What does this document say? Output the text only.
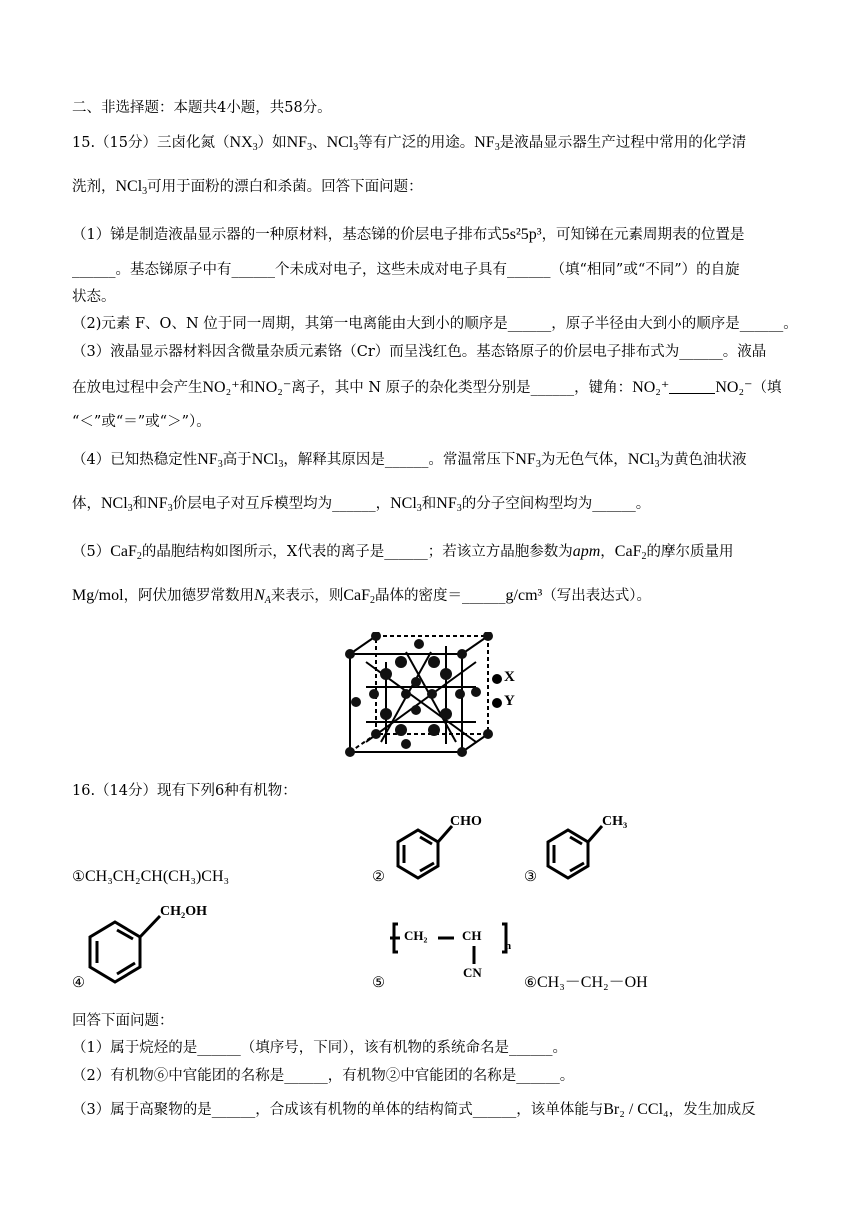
二、非选择题：本题共4小题，共58分。
15.（15分）三卤化氮$(NX_3)$如$NF_3$、NCl$_3$等有广泛的用途。$NF_3$是液晶显示器生产过程中常用的化学清
洗剂，NCl$_3$可用于面粉的漂白和杀菌。回答下面问题：
（1）锑是制造液晶显示器的一种原材料，基态锑的价层电子排布式5s²5p³，可知锑在元素周期表的位置是
______。基态锑原子中有______个未成对电子，这些未成对电子具有______（填“相同”或“不同”）的自旋
状态。
（2)元素 F、O、N 位于同一周期，其第一电离能由大到小的顺序是______，原子半径由大到小的顺序是______。
（3）液晶显示器材料因含微量杂质元素铬（Cr）而呈浅红色。基态铬原子的价层电子排布式为______。液晶
在放电过程中会产生NO₂⁺和NO₂⁻离子，其中 N 原子的杂化类型分别是______，键角：NO₂⁺	NO₂⁻（填
“＜”或“＝”或“＞”）。
（4）已知热稳定性$NF_3$高于NCl$_3$，解释其原因是______。常温常压下$NF_3$为无色气体，NCl$_3$为黄色油状液
体，NCl$_3$和$NF_3$价层电子对互斥模型均为______，NCl$_3$和$NF_3$的分子空间构型均为______。
（5）CaF$_2$的晶胞结构如图所示，X代表的离子是______；若该立方晶胞参数为apm，CaF$_2$的摩尔质量用
Mg/mol，阿伏加德罗常数用$N_A$来表示，则CaF$_2$晶体的密度＝______g/cm³（写出表达式）。
X
Y
16.（14分）现有下列6种有机物：
①CH₃CH₂CH(CH₃)CH₃	②
CHO
③
CH₃
④
CH₂OH
⑤
CH₂	CH
n
CN
⑥CH₃－CH₂－OH
回答下面问题：
（1）属于烷烃的是______（填序号，下同），该有机物的系统命名是______。
（2）有机物⑥中官能团的名称是______，有机物②中官能团的名称是______。
（3）属于高聚物的是______，合成该有机物的单体的结构简式______，该单体能与Br₂ / CCl₄，发生加成反
